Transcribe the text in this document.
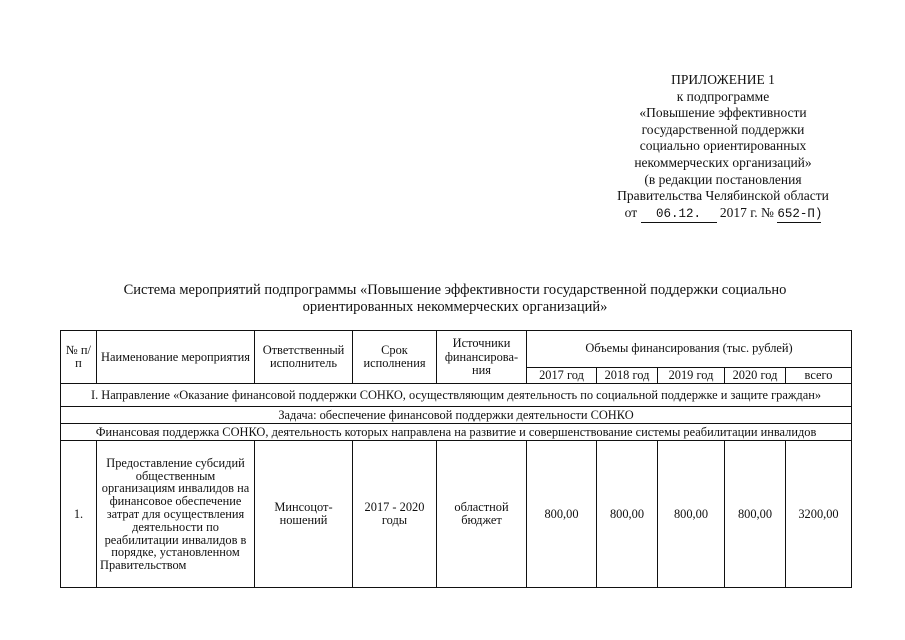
ПРИЛОЖЕНИЕ 1
к подпрограмме
«Повышение эффективности
государственной поддержки
социально ориентированных
некоммерческих организаций»
(в редакции постановления
Правительства Челябинской области
от 06.12. 2017 г. № 652-П)
Система мероприятий подпрограммы «Повышение эффективности государственной поддержки социально
ориентированных некоммерческих организаций»
№ п/п	Наименование мероприятия	Ответственный исполнитель	Срок исполнения	Источники финансирова-ния	Объемы финансирования (тыс. рублей)				
					2017 год	2018 год	2019 год	2020 год	всего
I. Направление «Оказание финансовой поддержки СОНКО, осуществляющим деятельность по социальной поддержке и защите граждан»									
Задача: обеспечение финансовой поддержки деятельности СОНКО									
Финансовая поддержка СОНКО, деятельность которых направлена на развитие и совершенствование системы реабилитации инвалидов									
1.	Предоставление субсидий общественным организациям инвалидов на финансовое обеспечение затрат для осуществления деятельности по реабилитации инвалидов в порядке, установленном Правительством	Минсоцот-ношений	2017 - 2020 годы	областной бюджет	800,00	800,00	800,00	800,00	3200,00
